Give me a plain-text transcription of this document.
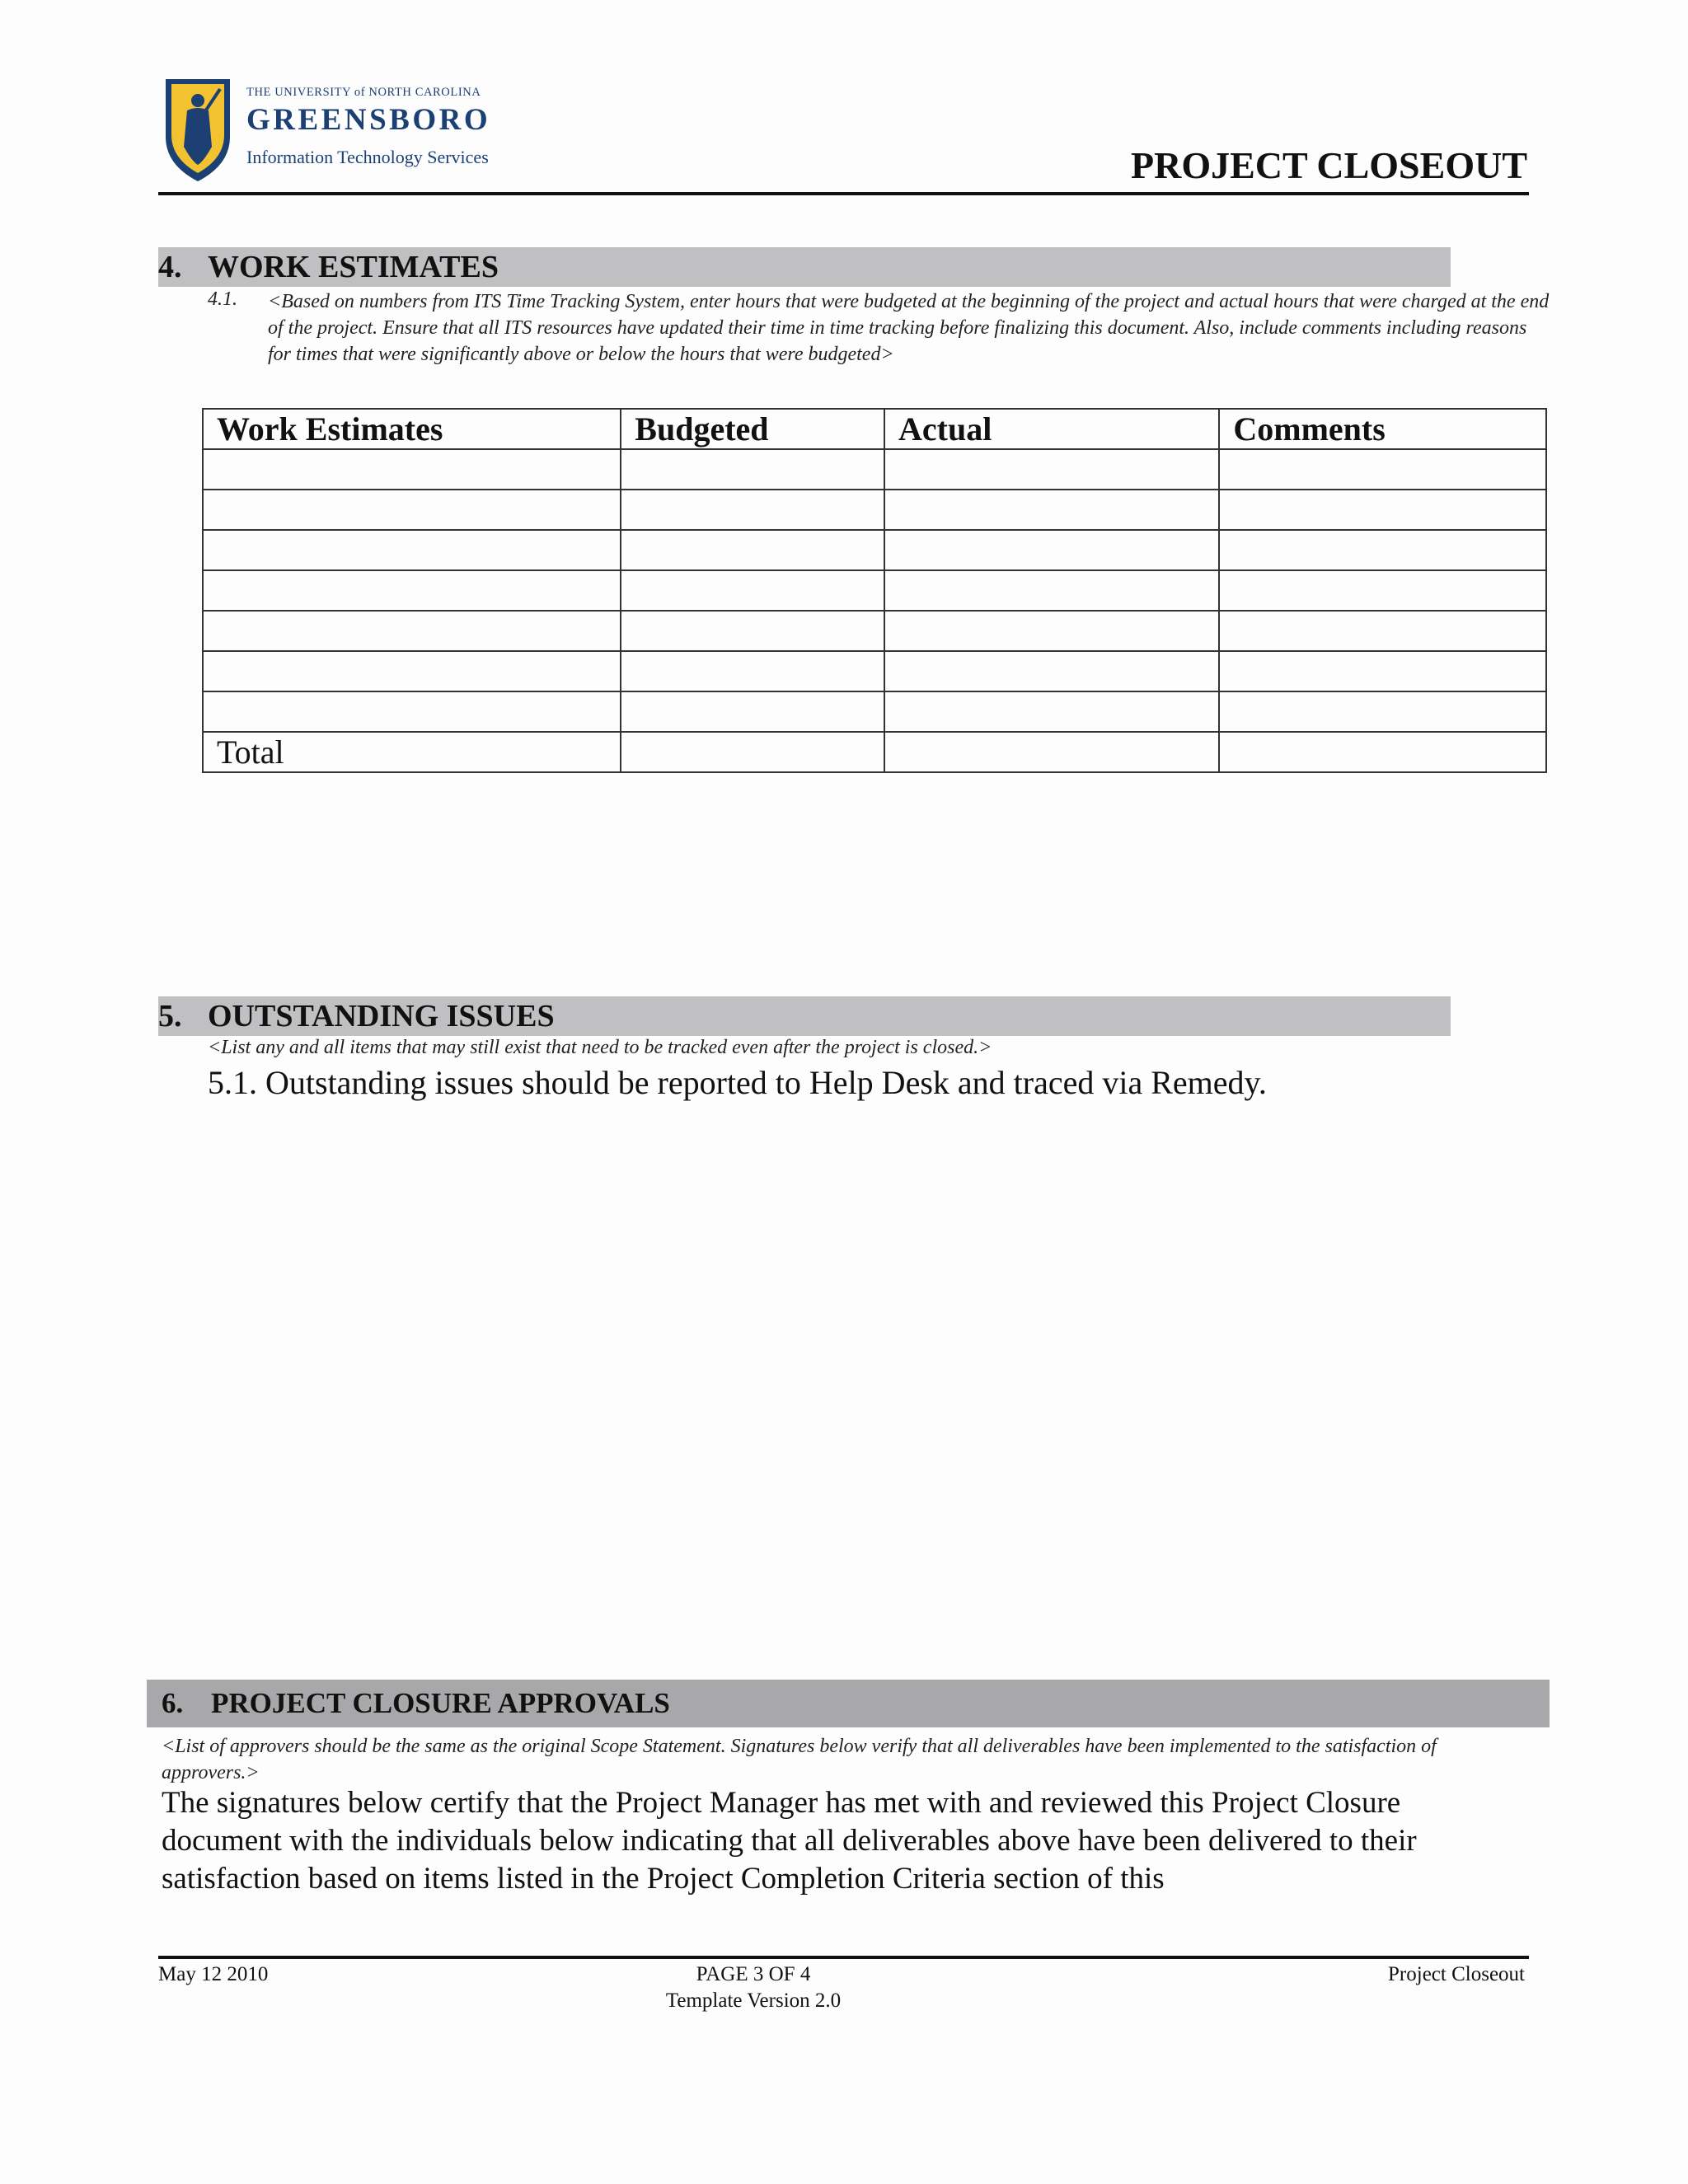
THE UNIVERSITY of NORTH CAROLINA
GREENSBORO
Information Technology Services	PROJECT CLOSEOUT
4. WORK ESTIMATES
4.1. <Based on numbers from ITS Time Tracking System, enter hours that were budgeted at the beginning of the project and actual hours that were charged at the end of the project. Ensure that all ITS resources have updated their time in time tracking before finalizing this document. Also, include comments including reasons for times that were significantly above or below the hours that were budgeted>
Work Estimates	Budgeted	Actual	Comments

Total			
5. OUTSTANDING ISSUES
<List any and all items that may still exist that need to be tracked even after the project is closed.>
5.1. Outstanding issues should be reported to Help Desk and traced via Remedy.
6. PROJECT CLOSURE APPROVALS
<List of approvers should be the same as the original Scope Statement. Signatures below verify that all deliverables have been implemented to the satisfaction of approvers.>
The signatures below certify that the Project Manager has met with and reviewed this Project Closure document with the individuals below indicating that all deliverables above have been delivered to their satisfaction based on items listed in the Project Completion Criteria section of this
May 12 2010	PAGE 3 OF 4
Template Version 2.0
Project Closeout
